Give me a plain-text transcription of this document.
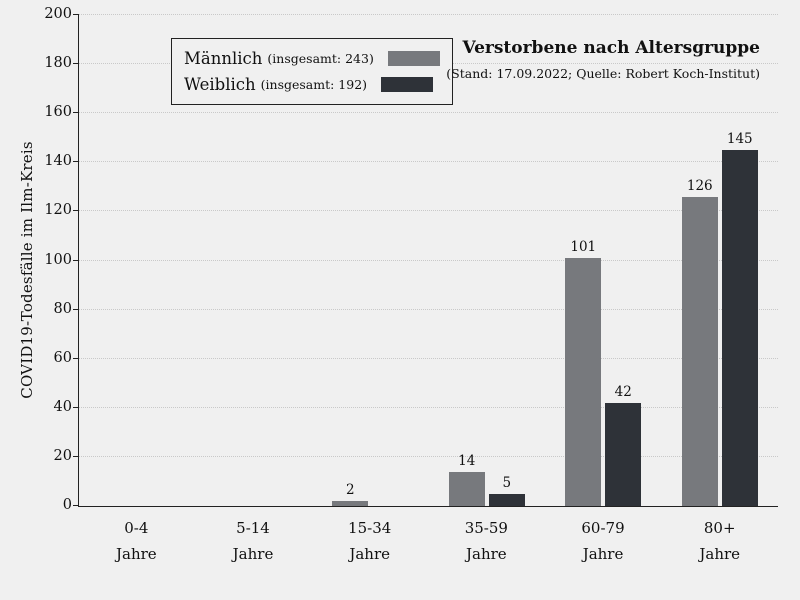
COVID19-Todesfälle im Ilm-Kreis
0
20
40
60
80
100
120
140
160
180
200
2
14
5
101
42
126
145
Männlich (insgesamt: 243)
Weiblich (insgesamt: 192)
Verstorbene nach Altersgruppe
(Stand: 17.09.2022; Quelle: Robert Koch-Institut)
0-4
Jahre
5-14
Jahre
15-34
Jahre
35-59
Jahre
60-79
Jahre
80+
Jahre
